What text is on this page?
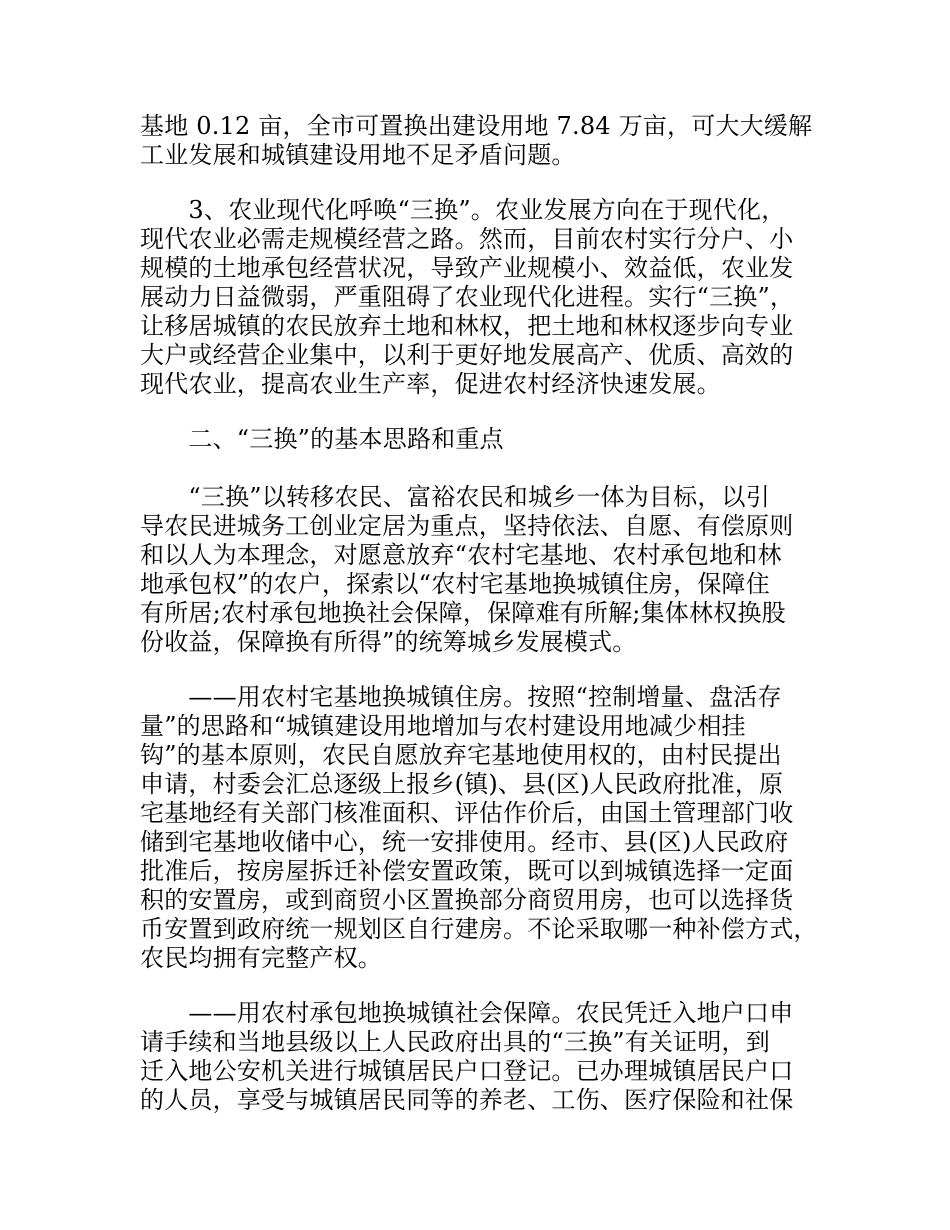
基地 0.12 亩，全市可置换出建设用地 7.84 万亩，可大大缓解
工业发展和城镇建设用地不足矛盾问题。

　　3、农业现代化呼唤“三换”。农业发展方向在于现代化，
现代农业必需走规模经营之路。然而，目前农村实行分户、小
规模的土地承包经营状况，导致产业规模小、效益低，农业发
展动力日益微弱，严重阻碍了农业现代化进程。实行“三换”，
让移居城镇的农民放弃土地和林权，把土地和林权逐步向专业
大户或经营企业集中，以利于更好地发展高产、优质、高效的
现代农业，提高农业生产率，促进农村经济快速发展。

　　二、“三换”的基本思路和重点

　　“三换”以转移农民、富裕农民和城乡一体为目标，以引
导农民进城务工创业定居为重点，坚持依法、自愿、有偿原则
和以人为本理念，对愿意放弃“农村宅基地、农村承包地和林
地承包权”的农户，探索以“农村宅基地换城镇住房，保障住
有所居;农村承包地换社会保障，保障难有所解;集体林权换股
份收益，保障换有所得”的统筹城乡发展模式。

　　——用农村宅基地换城镇住房。按照“控制增量、盘活存
量”的思路和“城镇建设用地增加与农村建设用地减少相挂
钩”的基本原则，农民自愿放弃宅基地使用权的，由村民提出
申请，村委会汇总逐级上报乡(镇)、县(区)人民政府批准，原
宅基地经有关部门核准面积、评估作价后，由国土管理部门收
储到宅基地收储中心，统一安排使用。经市、县(区)人民政府
批准后，按房屋拆迁补偿安置政策，既可以到城镇选择一定面
积的安置房，或到商贸小区置换部分商贸用房，也可以选择货
币安置到政府统一规划区自行建房。不论采取哪一种补偿方式，
农民均拥有完整产权。

　　——用农村承包地换城镇社会保障。农民凭迁入地户口申
请手续和当地县级以上人民政府出具的“三换”有关证明，到
迁入地公安机关进行城镇居民户口登记。已办理城镇居民户口
的人员，享受与城镇居民同等的养老、工伤、医疗保险和社保
